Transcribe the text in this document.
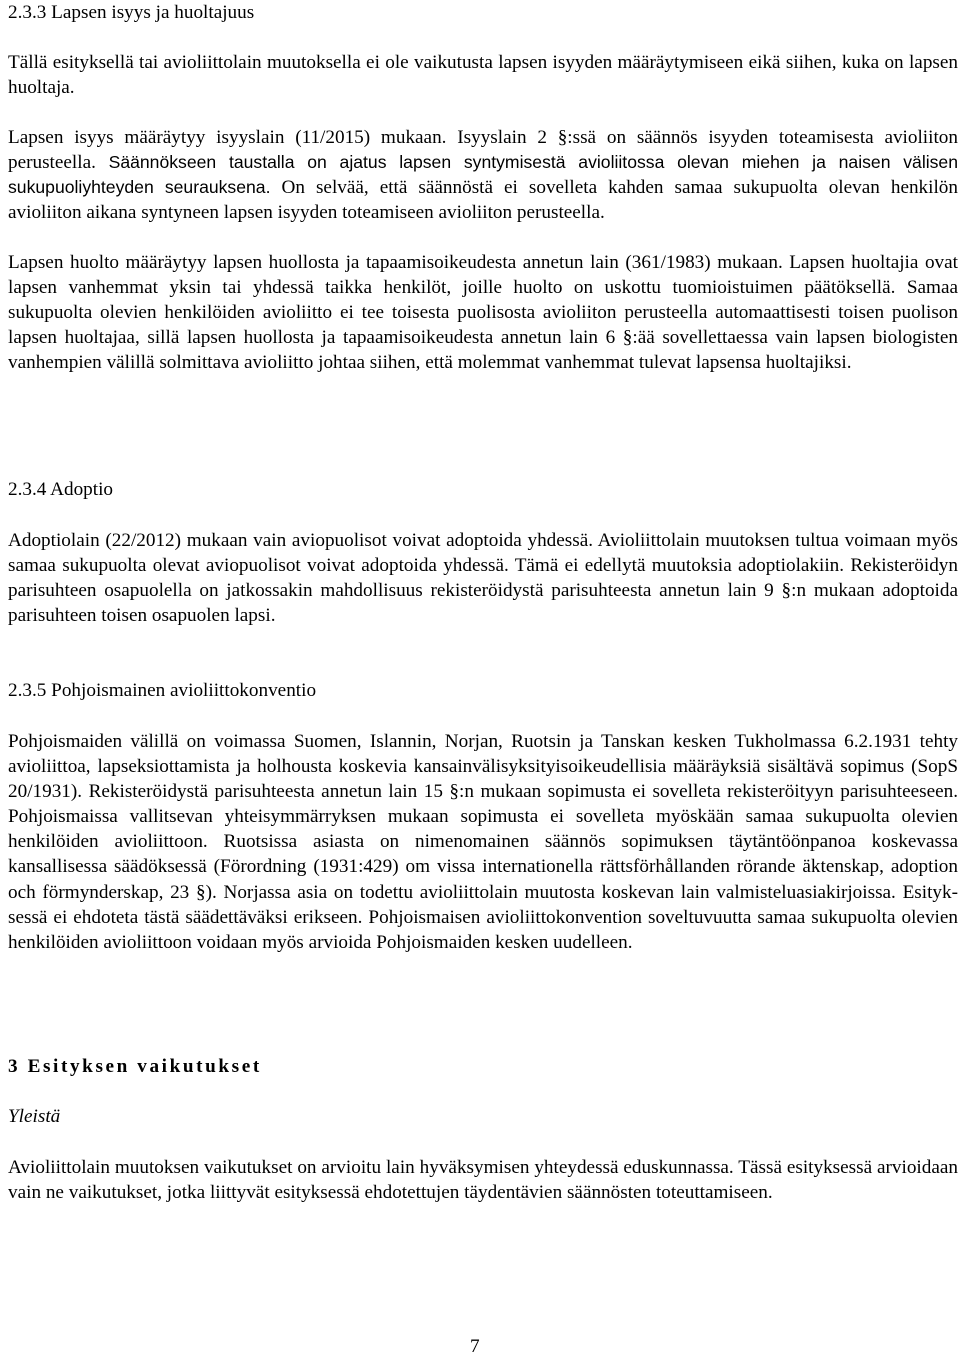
2.3.3 Lapsen isyys ja huoltajuus

Tällä esityksellä tai avioliittolain muutoksella ei ole vaikutusta lapsen isyyden määräytymiseen eikä siihen, kuka on lapsen huoltaja.

Lapsen isyys määräytyy isyyslain (11/2015) mukaan. Isyyslain 2 §:ssä on säännös isyyden toteamisesta avioliiton perusteella. Säännökseen taustalla on ajatus lapsen syntymisestä avioliitossa olevan miehen ja naisen välisen sukupuoliyhteyden seurauksena. On selvää, että säännöstä ei sovelleta kahden samaa sukupuolta olevan henkilön avioliiton aikana syntyneen lapsen isyyden toteamiseen avioliiton perusteella.

Lapsen huolto määräytyy lapsen huollosta ja tapaamisoikeudesta annetun lain (361/1983) mukaan. Lapsen huoltajia ovat lapsen vanhemmat yksin tai yhdessä taikka henkilöt, joille huolto on uskottu tuomioistuimen päätöksellä. Samaa sukupuolta olevien henkilöiden avioliitto ei tee toisesta puolisosta avioliiton perusteella automaattisesti toisen puolison lapsen huoltajaa, sillä lapsen huollosta ja tapaamisoikeudesta annetun lain 6 §:ää sovellettaessa vain lapsen biologisten vanhempien välillä solmittava avioliitto johtaa siihen, että molemmat vanhemmat tulevat lapsensa huoltajiksi.

2.3.4 Adoptio

Adoptiolain (22/2012) mukaan vain aviopuolisot voivat adoptoida yhdessä. Avioliittolain muutoksen tultua voimaan myös samaa sukupuolta olevat aviopuolisot voivat adoptoida yhdessä. Tämä ei edellytä muutoksia adoptiolakiin. Rekisteröidyn parisuhteen osapuolella on jatkossakin mahdollisuus rekisteröidystä parisuhteesta annetun lain 9 §:n mukaan adoptoida parisuhteen toisen osapuolen lapsi.

2.3.5 Pohjoismainen avioliittokonventio

Pohjoismaiden välillä on voimassa Suomen, Islannin, Norjan, Ruotsin ja Tanskan kesken Tukholmassa 6.2.1931 tehty avioliittoa, lapseksiottamista ja holhousta koskevia kansainvälisyksityisoikeudellisia määräyksiä sisältävä sopimus (SopS 20/1931). Rekisteröidystä parisuhteesta annetun lain 15 §:n mukaan sopimusta ei sovelleta rekisteröityyn parisuhteeseen. Pohjoismaissa vallitsevan yhteisymmärryksen mukaan sopimusta ei sovelleta myöskään samaa sukupuolta olevien henkilöiden avioliittoon. Ruotsissa asiasta on nimenomainen säännös sopimuksen täytäntöönpanoa koskevassa kansallisessa säädöksessä (Förordning (1931:429) om vissa internationella rättsförhållanden rörande äktenskap, adoption och förmynderskap, 23 §). Norjassa asia on todettu avioliittolain muutosta koskevan lain valmisteluasiakirjoissa. Esityksessä ei ehdoteta tästä säädettäväksi erikseen. Pohjoismaisen avioliittokonvention soveltuvuutta samaa sukupuolta olevien henkilöiden avioliittoon voidaan myös arvioida Pohjoismaiden kesken uudelleen.

3 Esityksen vaikutukset
Yleistä

Avioliittolain muutoksen vaikutukset on arvioitu lain hyväksymisen yhteydessä eduskunnassa. Tässä esityksessä arvioidaan vain ne vaikutukset, jotka liittyvät esityksessä ehdotettujen täydentävien säännösten toteuttamiseen.

7
